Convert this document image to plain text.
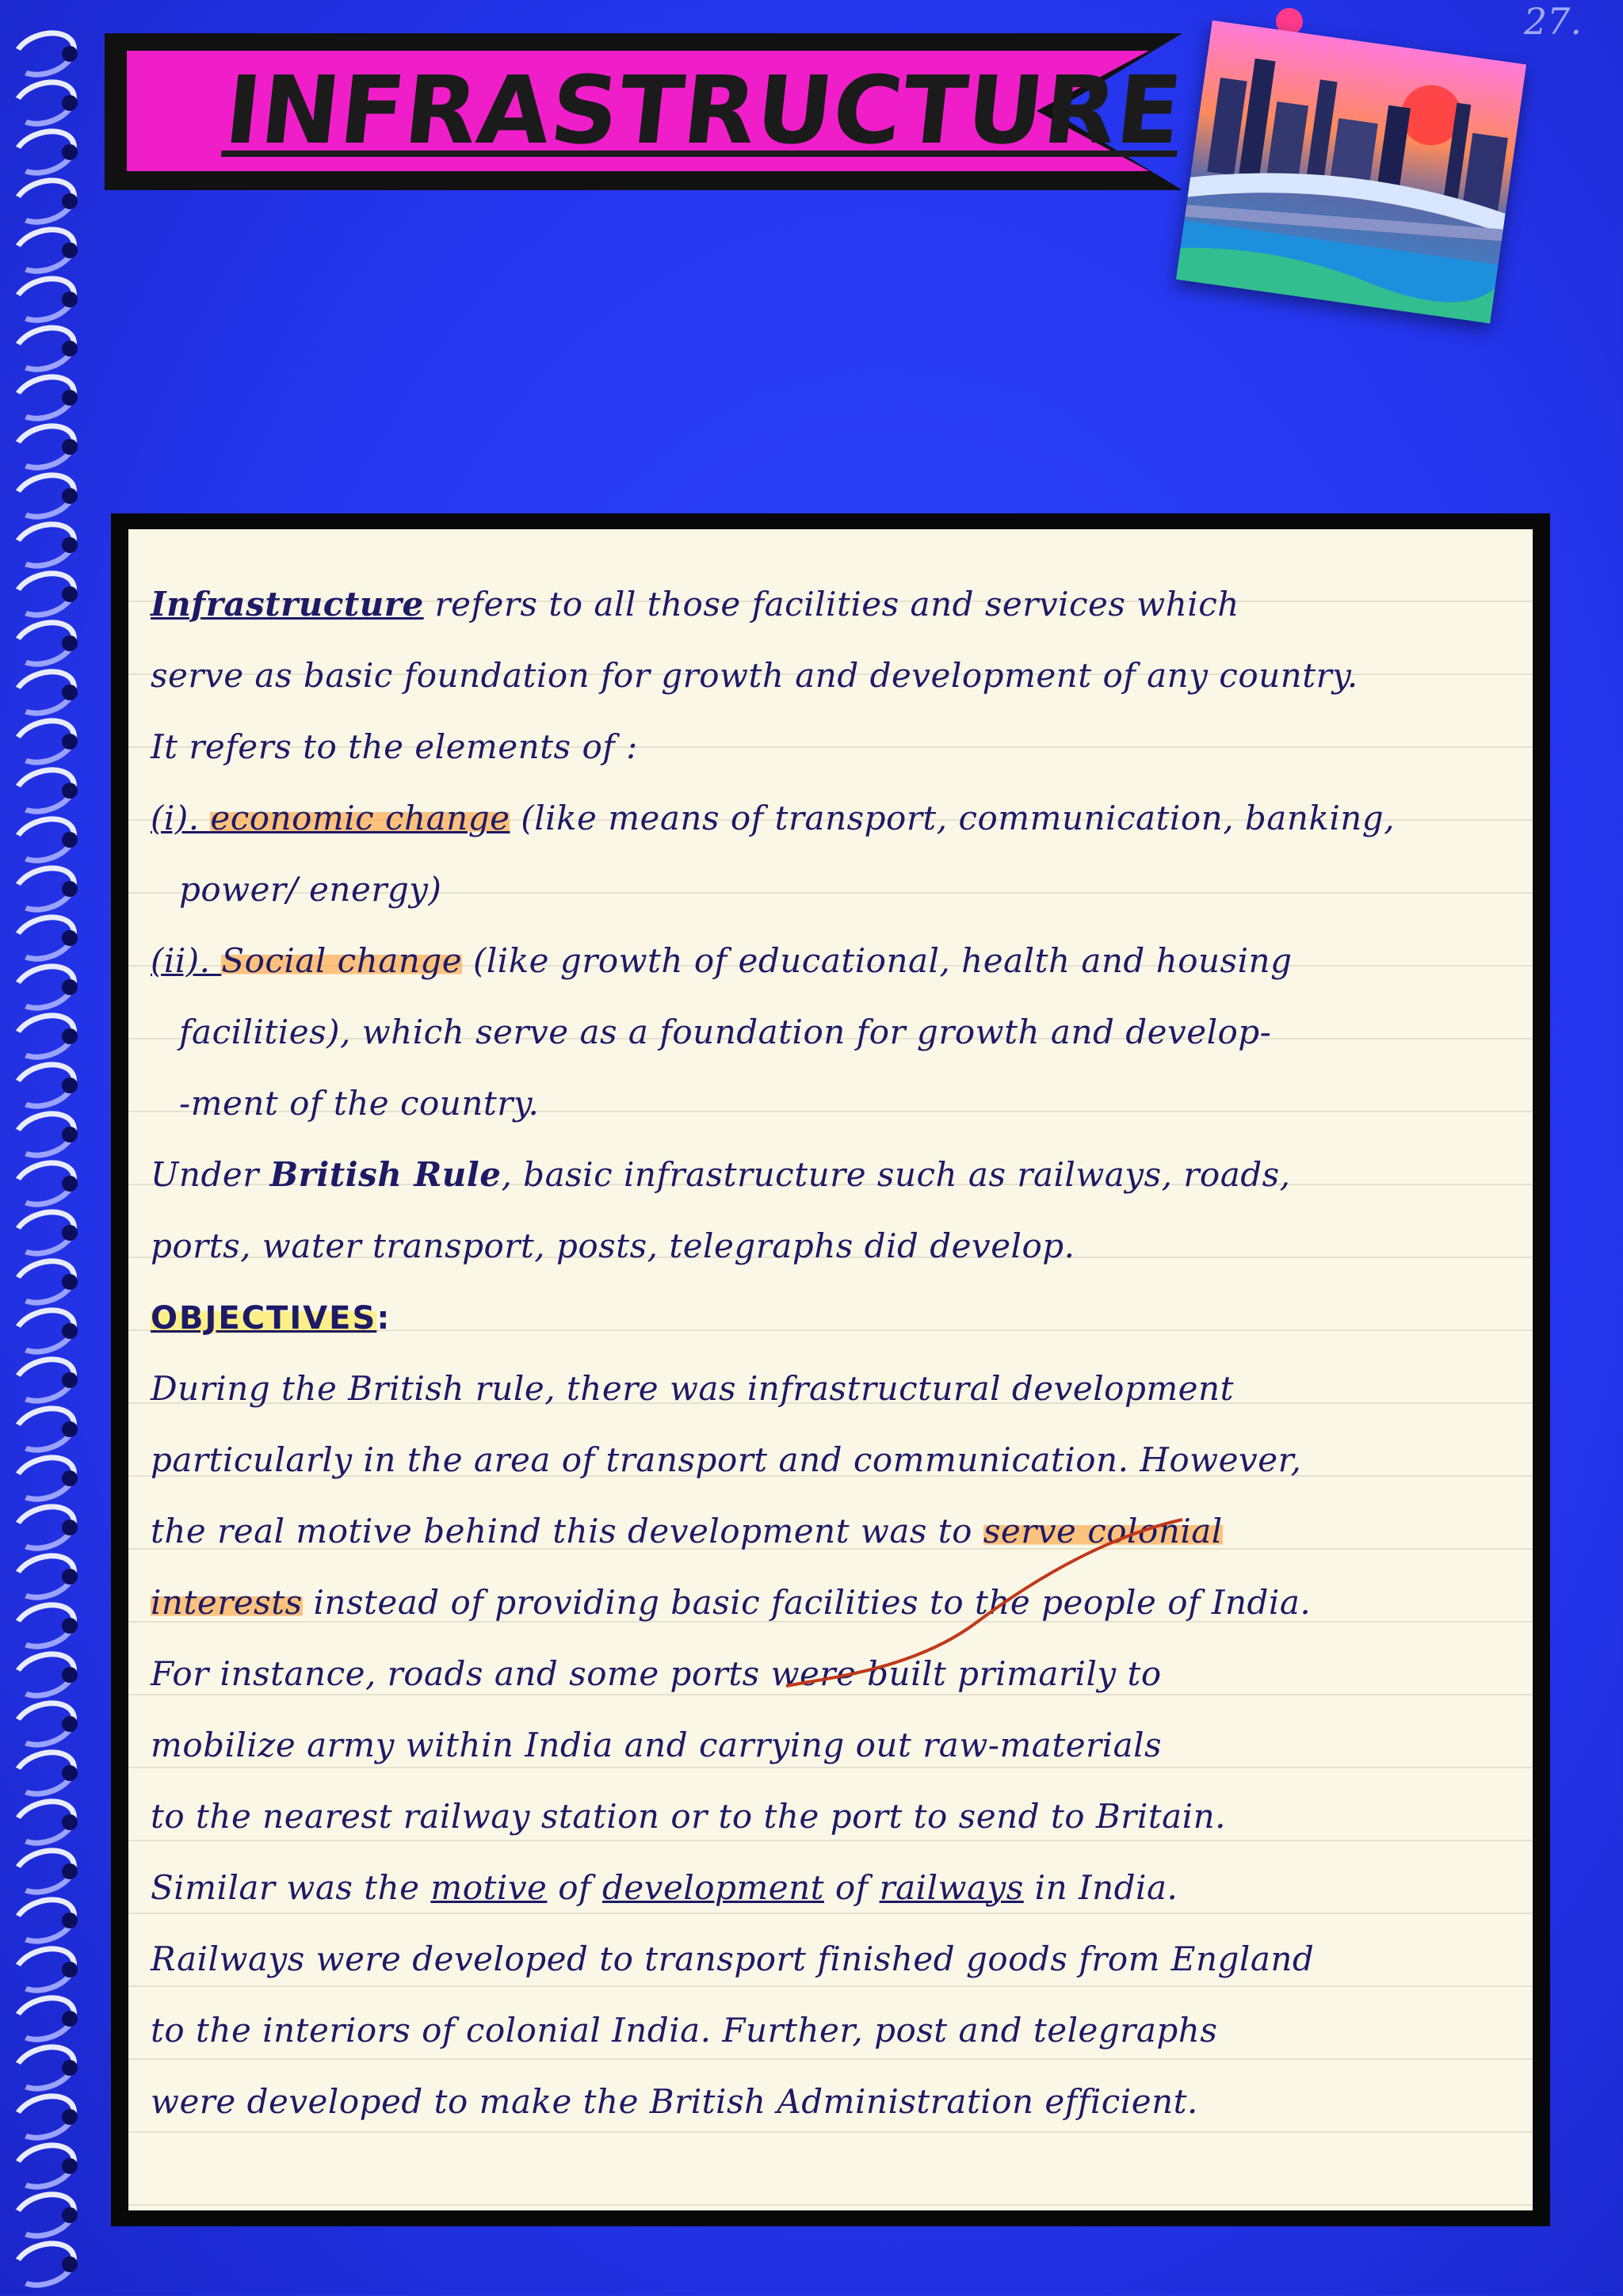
27.
INFRASTRUCTURE
Infrastructure refers to all those facilities and services which
serve as basic foundation for growth and development of any country.
It refers to the elements of :
(i). economic change (like means of transport, communication, banking,
power/ energy)
(ii). Social change (like growth of educational, health and housing
facilities), which serve as a foundation for growth and develop-
-ment of the country.
Under British Rule, basic infrastructure such as railways, roads,
ports, water transport, posts, telegraphs did develop.
OBJECTIVES:
During the British rule, there was infrastructural development
particularly in the area of transport and communication. However,
the real motive behind this development was to serve colonial
interests instead of providing basic facilities to the people of India.
For instance, roads and some ports were built primarily to
mobilize army within India and carrying out raw-materials
to the nearest railway station or to the port to send to Britain.
Similar was the motive of development of railways in India.
Railways were developed to transport finished goods from England
to the interiors of colonial India. Further, post and telegraphs
were developed to make the British Administration efficient.
